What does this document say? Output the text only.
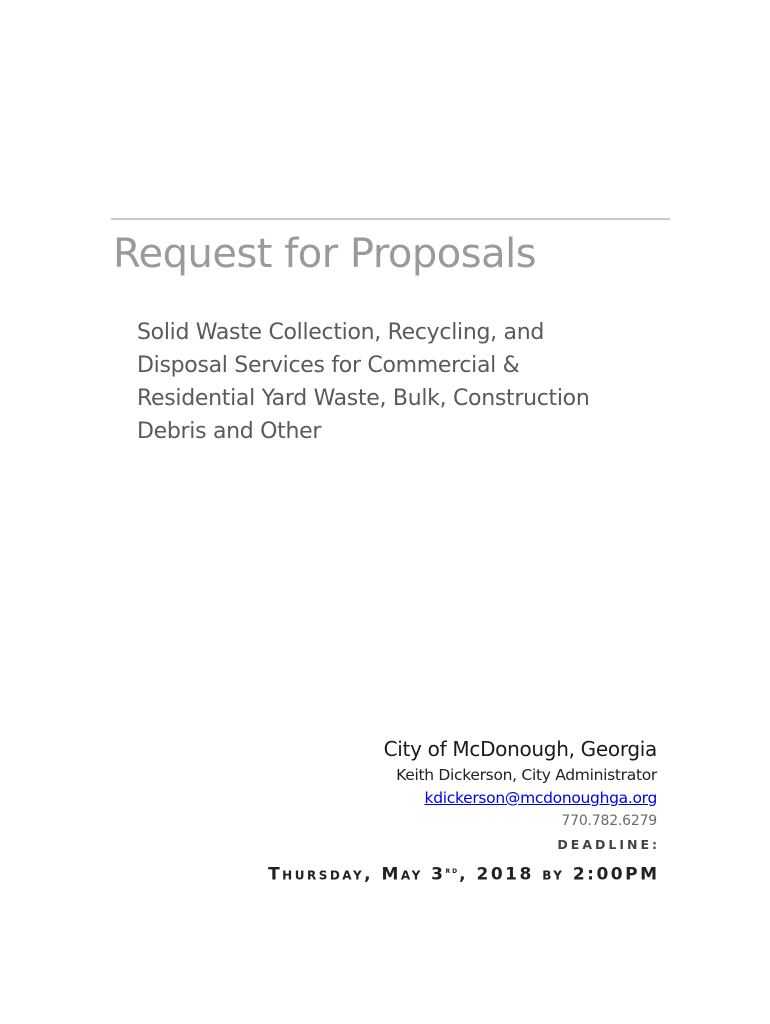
Request for Proposals
Solid Waste Collection, Recycling, and
Disposal Services for Commercial &
Residential Yard Waste, Bulk, Construction
Debris and Other
City of McDonough, Georgia
Keith Dickerson, City Administrator
kdickerson@mcdonoughga.org
770.782.6279
DEADLINE:
Thursday, May 3rd, 2018 by 2:00PM
